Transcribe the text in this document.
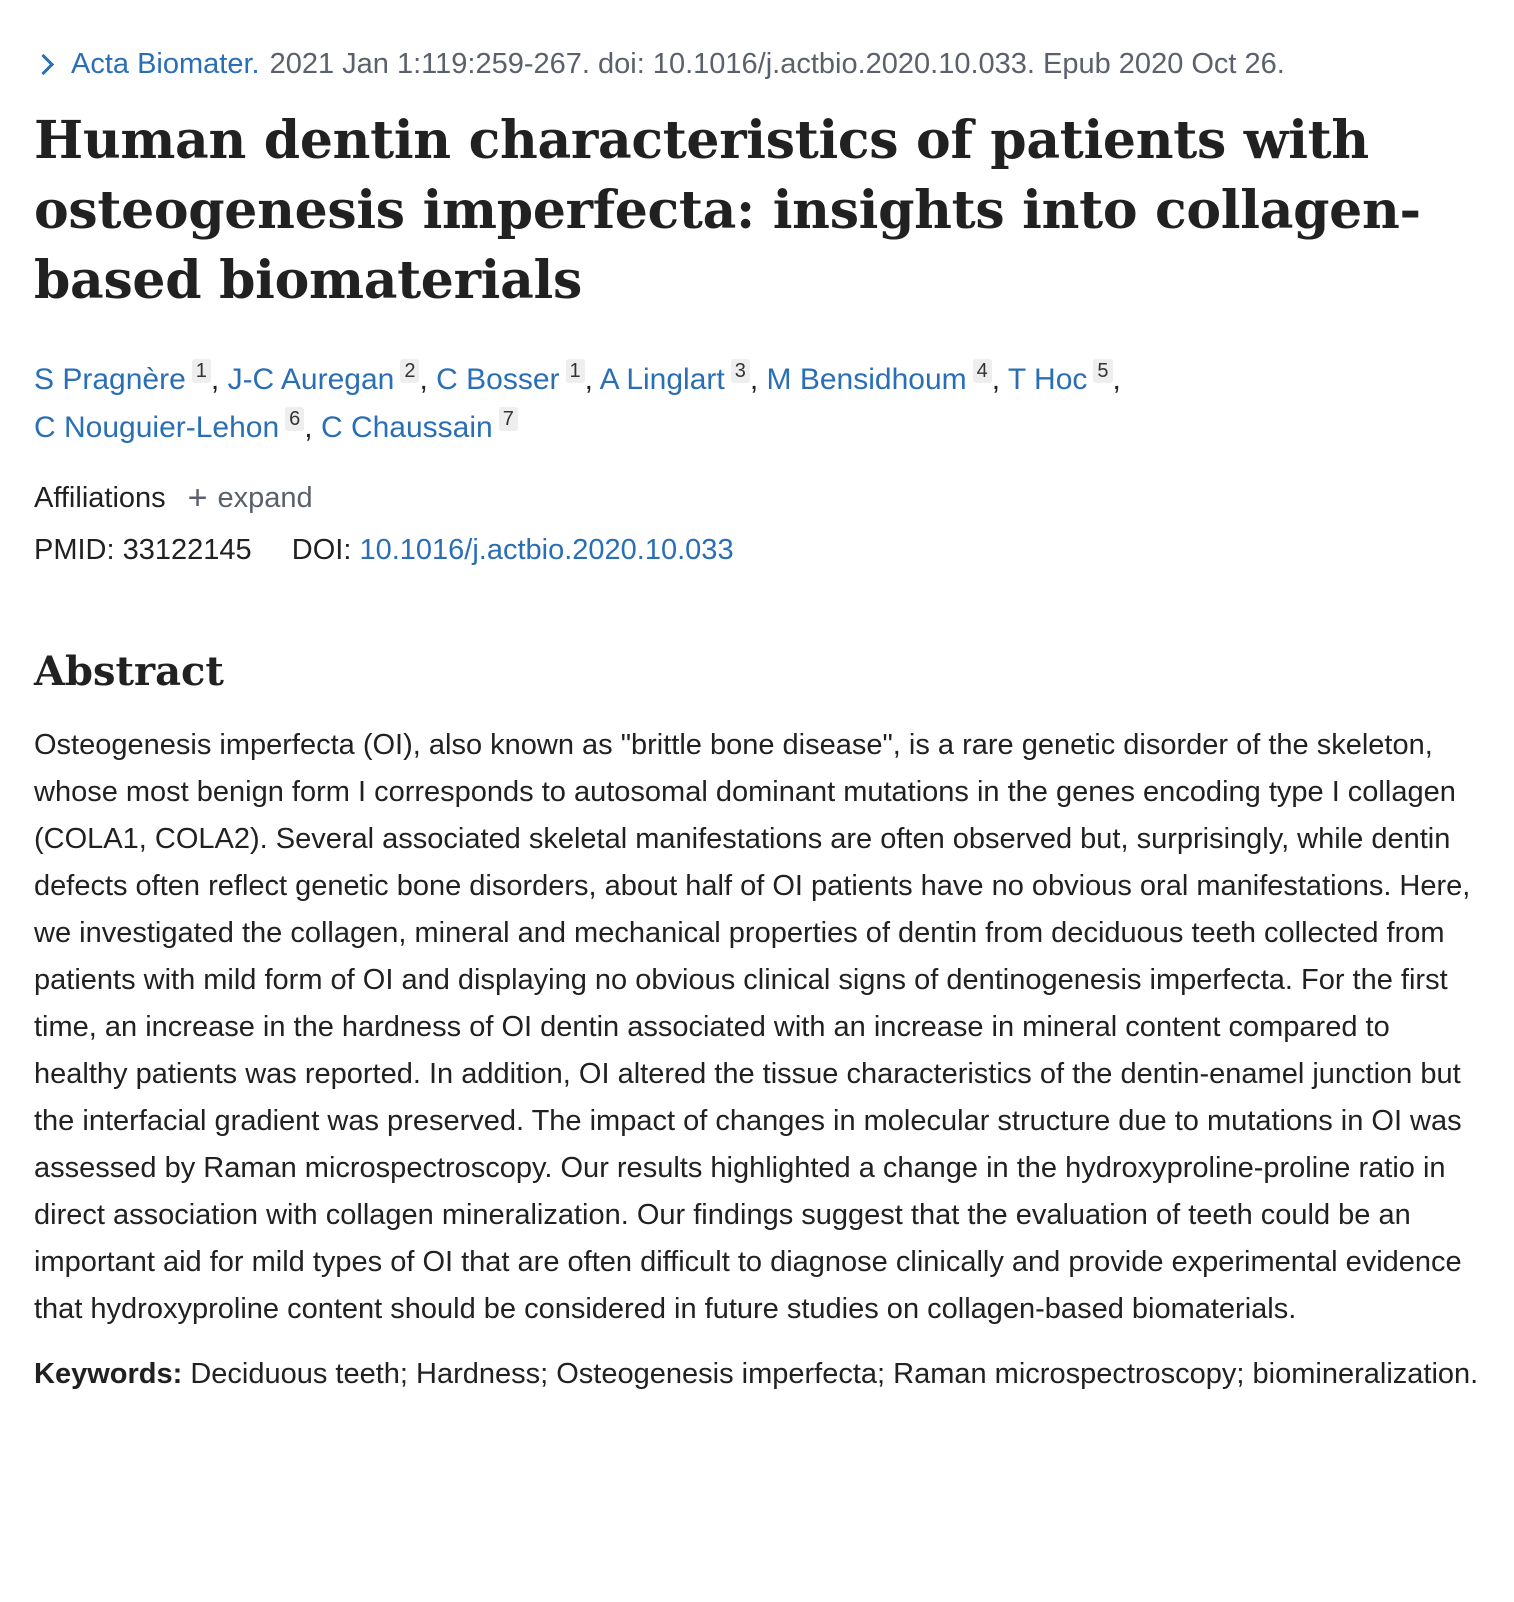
Acta Biomater. 2021 Jan 1:119:259-267. doi: 10.1016/j.actbio.2020.10.033. Epub 2020 Oct 26.
Human dentin characteristics of patients with osteogenesis imperfecta: insights into collagen-based biomaterials
S Pragnère 1 , J-C Auregan 2 , C Bosser 1 , A Linglart 3 , M Bensidhoum 4 , T Hoc 5 ,
C Nouguier-Lehon 6 , C Chaussain 7
Affiliations + expand
PMID: 33122145 DOI: 10.1016/j.actbio.2020.10.033
Abstract
Osteogenesis imperfecta (OI), also known as "brittle bone disease", is a rare genetic disorder of the skeleton, whose most benign form I corresponds to autosomal dominant mutations in the genes encoding type I collagen (COLA1, COLA2). Several associated skeletal manifestations are often observed but, surprisingly, while dentin defects often reflect genetic bone disorders, about half of OI patients have no obvious oral manifestations. Here, we investigated the collagen, mineral and mechanical properties of dentin from deciduous teeth collected from patients with mild form of OI and displaying no obvious clinical signs of dentinogenesis imperfecta. For the first time, an increase in the hardness of OI dentin associated with an increase in mineral content compared to healthy patients was reported. In addition, OI altered the tissue characteristics of the dentin-enamel junction but the interfacial gradient was preserved. The impact of changes in molecular structure due to mutations in OI was assessed by Raman microspectroscopy. Our results highlighted a change in the hydroxyproline-proline ratio in direct association with collagen mineralization. Our findings suggest that the evaluation of teeth could be an important aid for mild types of OI that are often difficult to diagnose clinically and provide experimental evidence that hydroxyproline content should be considered in future studies on collagen-based biomaterials.
Keywords: Deciduous teeth; Hardness; Osteogenesis imperfecta; Raman microspectroscopy; biomineralization.
